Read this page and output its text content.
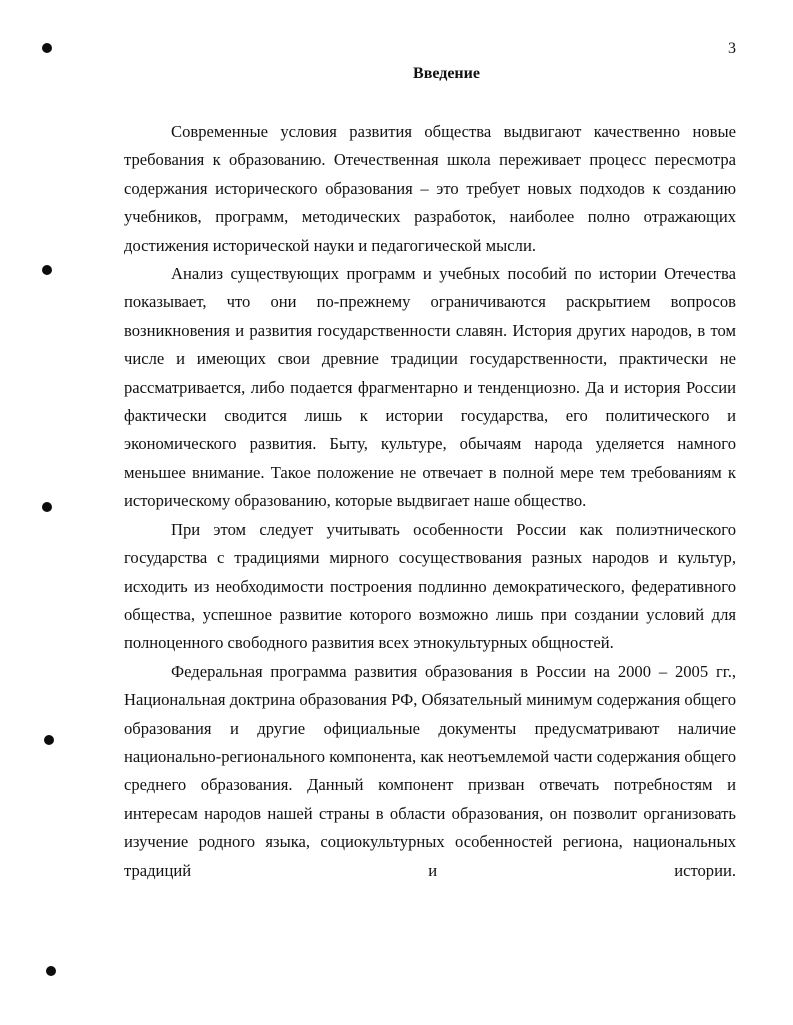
3
Введение

Современные условия развития общества выдвигают качественно новые требования к образованию. Отечественная школа переживает процесс пересмотра содержания исторического образования – это требует новых подходов к созданию учебников, программ, методических разработок, наиболее полно отражающих достижения исторической науки и педагогической мысли.

Анализ существующих программ и учебных пособий по истории Отечества показывает, что они по-прежнему ограничиваются раскрытием вопросов возникновения и развития государственности славян. История других народов, в том числе и имеющих свои древние традиции государственности, практически не рассматривается, либо подается фрагментарно и тенденциозно. Да и история России фактически сводится лишь к истории государства, его политического и экономического развития. Быту, культуре, обычаям народа уделяется намного меньшее внимание. Такое положение не отвечает в полной мере тем требованиям к историческому образованию, которые выдвигает наше общество.

При этом следует учитывать особенности России как полиэтнического государства с традициями мирного сосуществования разных народов и культур, исходить из необходимости построения подлинно демократического, федеративного общества, успешное развитие которого возможно лишь при создании условий для полноценного свободного развития всех этнокультурных общностей.

Федеральная программа развития образования в России на 2000 – 2005 гг., Национальная доктрина образования РФ, Обязательный минимум содержания общего образования и другие официальные документы предусматривают наличие национально-регионального компонента, как неотъемлемой части содержания общего среднего образования. Данный компонент призван отвечать потребностям и интересам народов нашей страны в области образования, он позволит организовать изучение родного языка, социокультурных особенностей региона, национальных традиций и истории.
